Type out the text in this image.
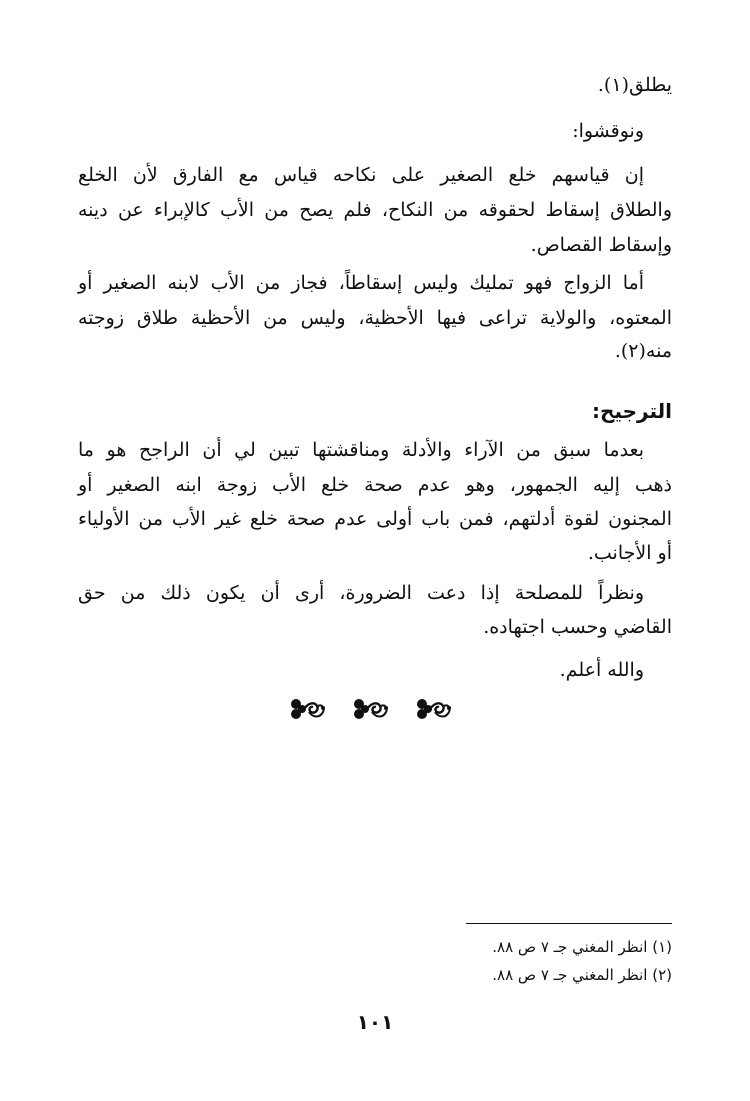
يطلق(١).
ونوقشوا:
إن قياسهم خلع الصغير على نكاحه قياس مع الفارق لأن الخلع
والطلاق إسقاط لحقوقه من النكاح، فلم يصح من الأب كالإبراء عن دينه
وإسقاط القصاص.
أما الزواج فهو تمليك وليس إسقاطاً، فجاز من الأب لابنه الصغير أو
المعتوه، والولاية تراعى فيها الأحظية، وليس من الأحظية طلاق زوجته
منه(٢).
الترجيح:
بعدما سبق من الآراء والأدلة ومناقشتها تبين لي أن الراجح هو ما
ذهب إليه الجمهور، وهو عدم صحة خلع الأب زوجة ابنه الصغير أو
المجنون لقوة أدلتهم، فمن باب أولى عدم صحة خلع غير الأب من الأولياء
أو الأجانب.
ونظراً للمصلحة إذا دعت الضرورة، أرى أن يكون ذلك من حق
القاضي وحسب اجتهاده.
والله أعلم.
(١) انظر المغني جـ ٧ ص ٨٨.
(٢) انظر المغني جـ ٧ ص ٨٨.
١٠١
